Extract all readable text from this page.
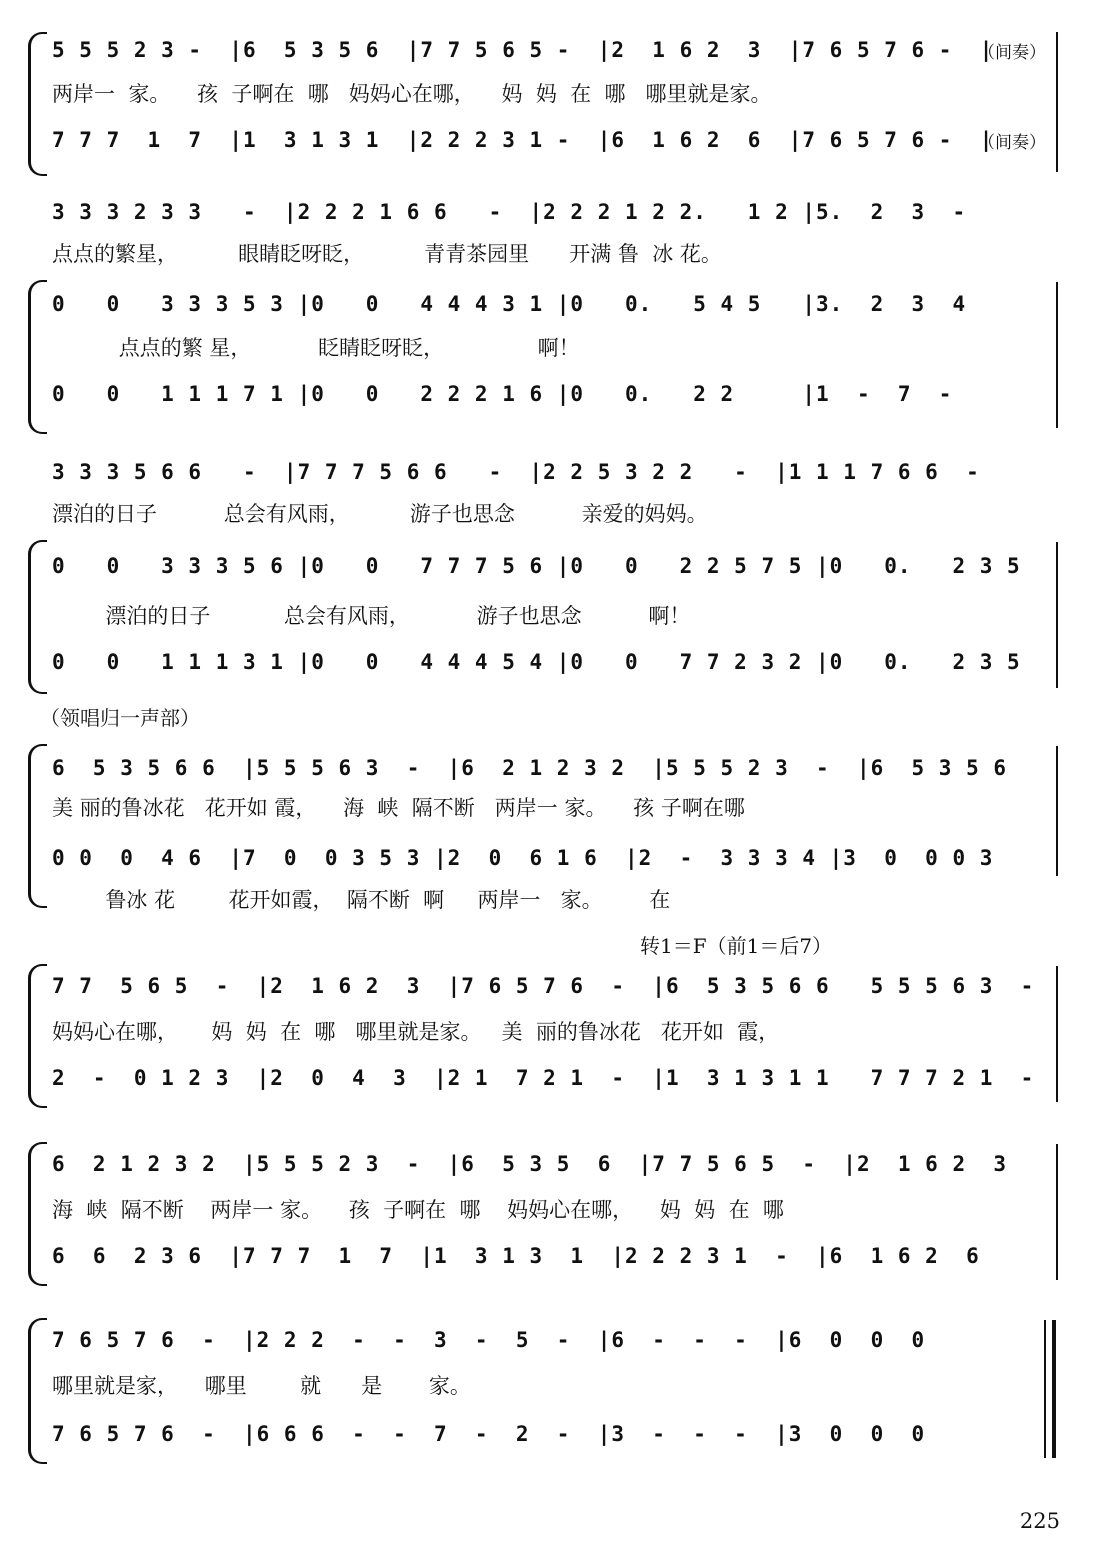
5 5 5 2 3 -  |6  5 3 5 6  |7 7 5 6 5 -  |2  1 6 2  3  |7 6 5 7 6 -  |
两岸一  家。    孩  子啊在  哪   妈妈心在哪，    妈  妈  在  哪   哪里就是家。
7 7 7  1  7  |1  3 1 3 1  |2 2 2 3 1 -  |6  1 6 2  6  |7 6 5 7 6 -  |
（间奏）
（间奏）
3 3 3 2 3 3   -  |2 2 2 1 6 6   -  |2 2 2 1 2 2.   1 2 |5.  2  3  -
点点的繁星，         眼睛眨呀眨，         青青茶园里      开满 鲁  冰 花。
0   0   3 3 3 5 3 |0   0   4 4 4 3 1 |0   0.   5 4 5   |3.  2  3  4
点点的繁 星，          眨睛眨呀眨，              啊！
0   0   1 1 1 7 1 |0   0   2 2 2 1 6 |0   0.   2 2     |1  -  7  -
3 3 3 5 6 6   -  |7 7 7 5 6 6   -  |2 2 5 3 2 2   -  |1 1 1 7 6 6  -
漂泊的日子          总会有风雨，         游子也思念          亲爱的妈妈。
0   0   3 3 3 5 6 |0   0   7 7 7 5 6 |0   0   2 2 5 7 5 |0   0.   2 3 5
漂泊的日子           总会有风雨，          游子也思念          啊！
0   0   1 1 1 3 1 |0   0   4 4 4 5 4 |0   0   7 7 2 3 2 |0   0.   2 3 5
（领唱归一声部）
6  5 3 5 6 6  |5 5 5 6 3  -  |6  2 1 2 3 2  |5 5 5 2 3  -  |6  5 3 5 6
美 丽的鲁冰花   花开如 霞，    海  峡  隔不断   两岸一 家。    孩 子啊在哪
0 0  0  4 6  |7  0  0 3 5 3 |2  0  6 1 6  |2  -  3 3 3 4 |3  0  0 0 3
鲁冰 花        花开如霞，  隔不断  啊     两岸一   家。       在
转1＝F（前1＝后7）
7 7  5 6 5  -  |2  1 6 2  3  |7 6 5 7 6  -  |6  5 3 5 6 6   5 5 5 6 3  -
妈妈心在哪，     妈  妈  在  哪   哪里就是家。   美  丽的鲁冰花   花开如  霞，
2  -  0 1 2 3  |2  0  4  3  |2 1  7 2 1  -  |1  3 1 3 1 1   7 7 7 2 1  -
6  2 1 2 3 2  |5 5 5 2 3  -  |6  5 3 5  6  |7 7 5 6 5  -  |2  1 6 2  3
海  峡  隔不断    两岸一 家。    孩  子啊在  哪    妈妈心在哪，    妈  妈  在  哪
6  6  2 3 6  |7 7 7  1  7  |1  3 1 3  1  |2 2 2 3 1  -  |6  1 6 2  6
7 6 5 7 6  -  |2 2 2  -  -  3  -  5  -  |6  -  -  -  |6  0  0  0
哪里就是家，    哪里        就      是       家。
7 6 5 7 6  -  |6 6 6  -  -  7  -  2  -  |3  -  -  -  |3  0  0  0
225
